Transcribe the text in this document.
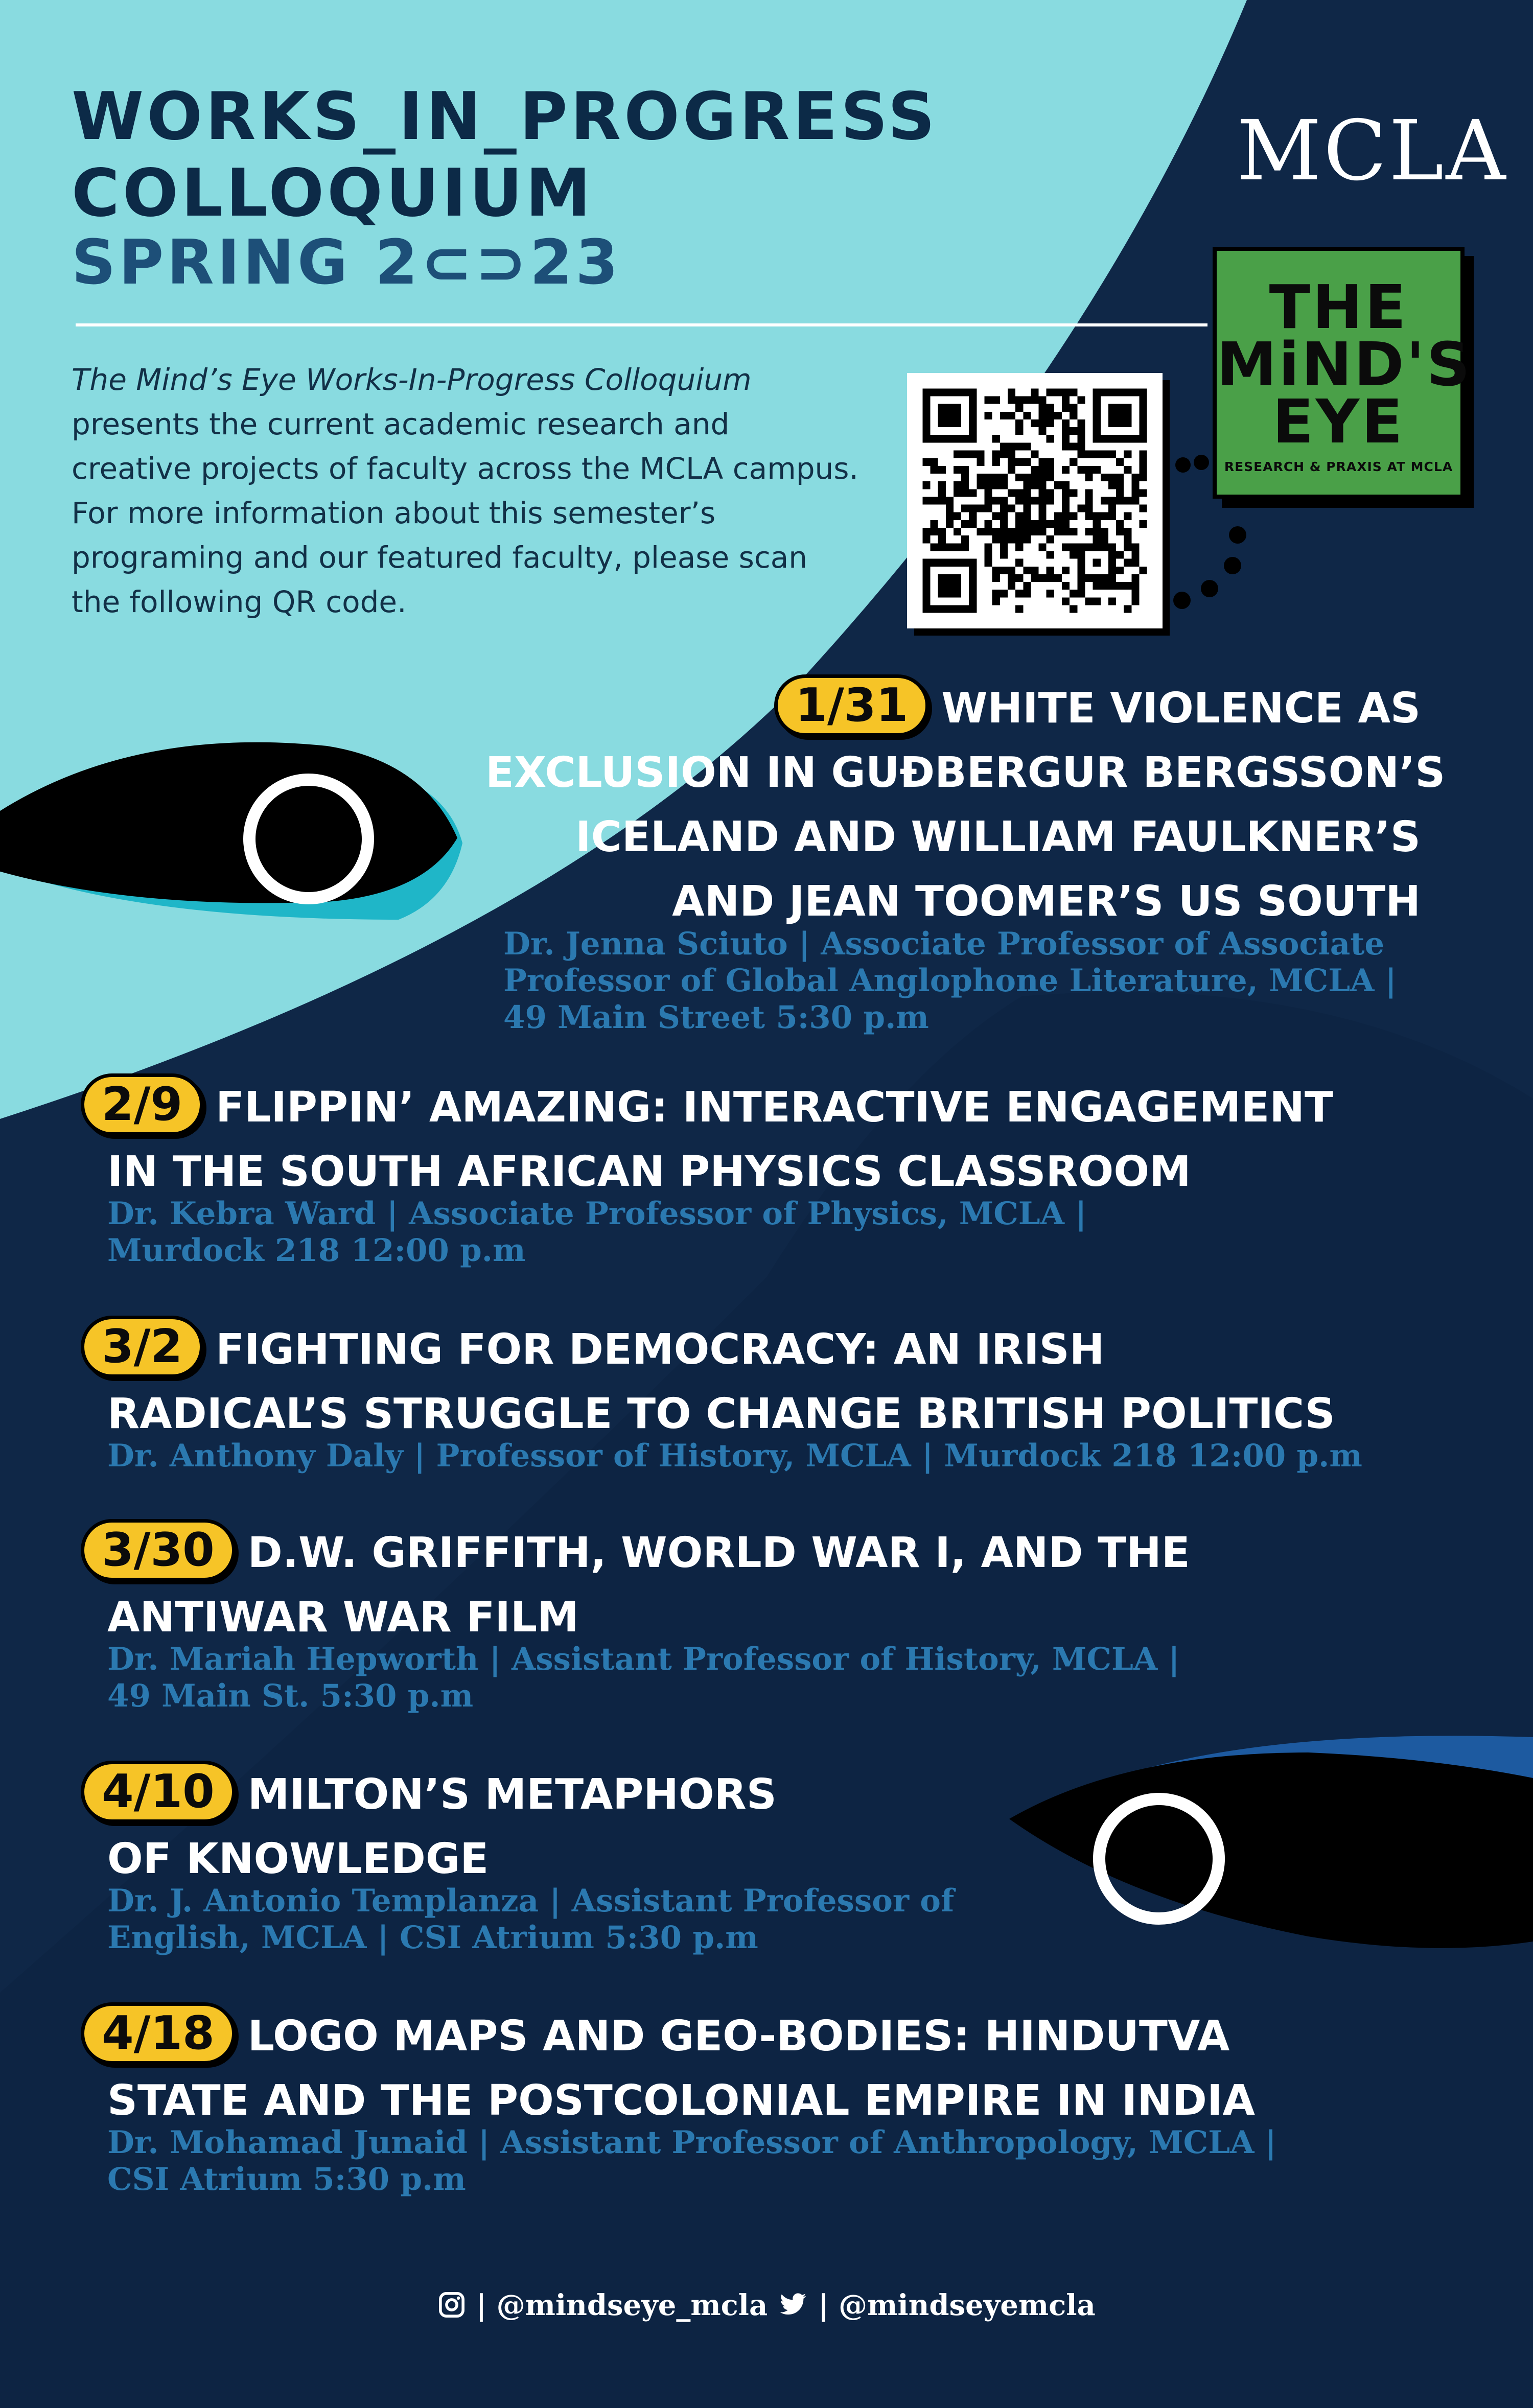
WORKS_IN_PROGRESS
COLLOQUIUM
SPRING 2⊂⊃23
MCLA
The Mind’s Eye Works-In-Progress Colloquium presents the current academic research and creative projects of faculty across the MCLA campus. For more information about this semester’s programing and our featured faculty, please scan the following QR code.
THE
MiND'S
EYE
RESEARCH & PRAXIS AT MCLA
1/31 WHITE VIOLENCE AS
EXCLUSION IN GUÐBERGUR BERGSSON’S
ICELAND AND WILLIAM FAULKNER’S
AND JEAN TOOMER’S US SOUTH
Dr. Jenna Sciuto | Associate Professor of Associate
Professor of Global Anglophone Literature, MCLA |
49 Main Street 5:30 p.m
2/9 FLIPPIN’ AMAZING: INTERACTIVE ENGAGEMENT
IN THE SOUTH AFRICAN PHYSICS CLASSROOM
Dr. Kebra Ward | Associate Professor of Physics, MCLA |
Murdock 218 12:00 p.m
3/2 FIGHTING FOR DEMOCRACY: AN IRISH
RADICAL’S STRUGGLE TO CHANGE BRITISH POLITICS
Dr. Anthony Daly | Professor of History, MCLA | Murdock 218 12:00 p.m
3/30 D.W. GRIFFITH, WORLD WAR I, AND THE
ANTIWAR WAR FILM
Dr. Mariah Hepworth | Assistant Professor of History, MCLA |
49 Main St. 5:30 p.m
4/10 MILTON’S METAPHORS
OF KNOWLEDGE
Dr. J. Antonio Templanza | Assistant Professor of
English, MCLA | CSI Atrium 5:30 p.m
4/18 LOGO MAPS AND GEO-BODIES: HINDUTVA
STATE AND THE POSTCOLONIAL EMPIRE IN INDIA
Dr. Mohamad Junaid | Assistant Professor of Anthropology, MCLA |
CSI Atrium 5:30 p.m
| @mindseye_mcla | @mindseyemcla
